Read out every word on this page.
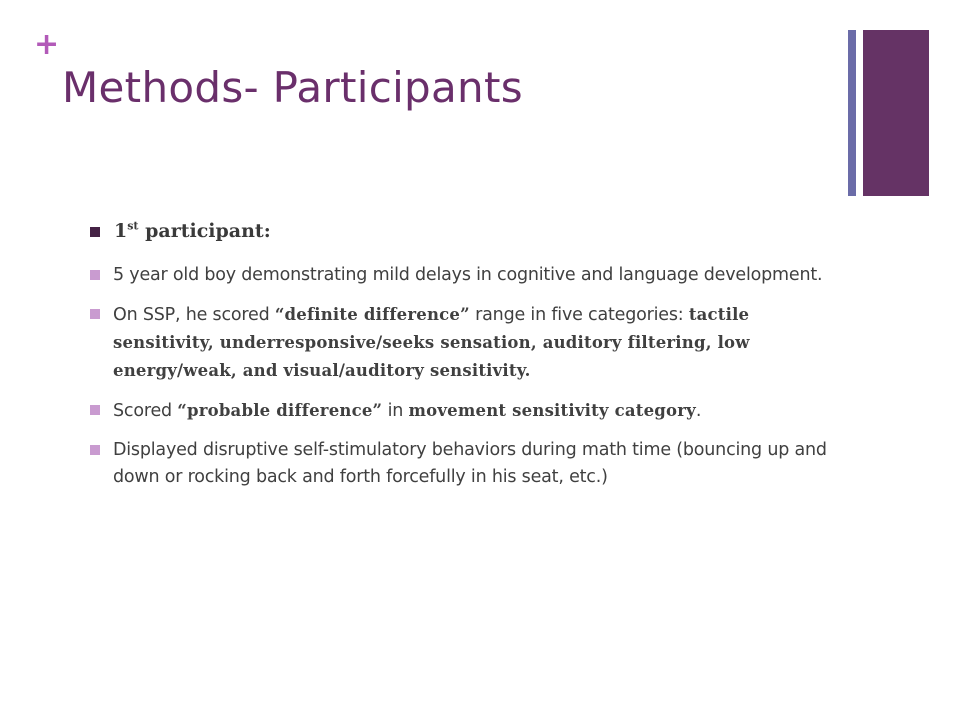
+
Methods- Participants
1st participant:
5 year old boy demonstrating mild delays in cognitive and language development.
On SSP, he scored “definite difference” range in five categories: tactile sensitivity, underresponsive/seeks sensation, auditory filtering, low energy/weak, and visual/auditory sensitivity.
Scored “probable difference” in movement sensitivity category.
Displayed disruptive self-stimulatory behaviors during math time (bouncing up and down or rocking back and forth forcefully in his seat, etc.)
